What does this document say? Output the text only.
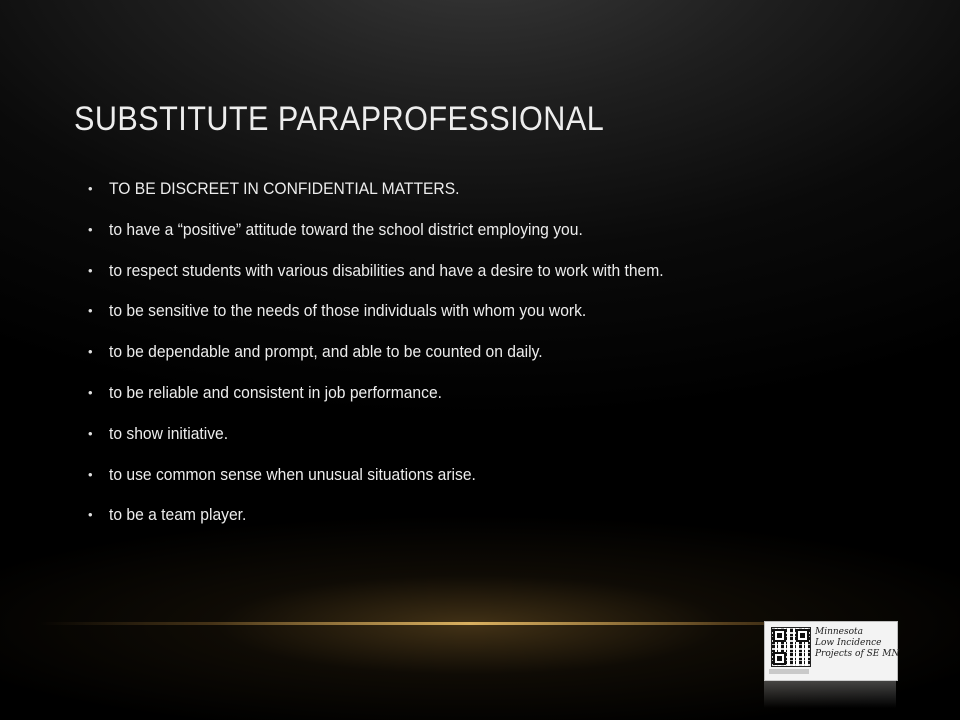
SUBSTITUTE PARAPROFESSIONAL
• TO BE DISCREET IN CONFIDENTIAL MATTERS.
• to have a “positive” attitude toward the school district employing you.
• to respect students with various disabilities and have a desire to work with them.
• to be sensitive to the needs of those individuals with whom you work.
• to be dependable and prompt, and able to be counted on daily.
• to be reliable and consistent in job performance.
• to show initiative.
• to use common sense when unusual situations arise.
• to be a team player.
Minnesota
Low Incidence
Projects of SE MN
